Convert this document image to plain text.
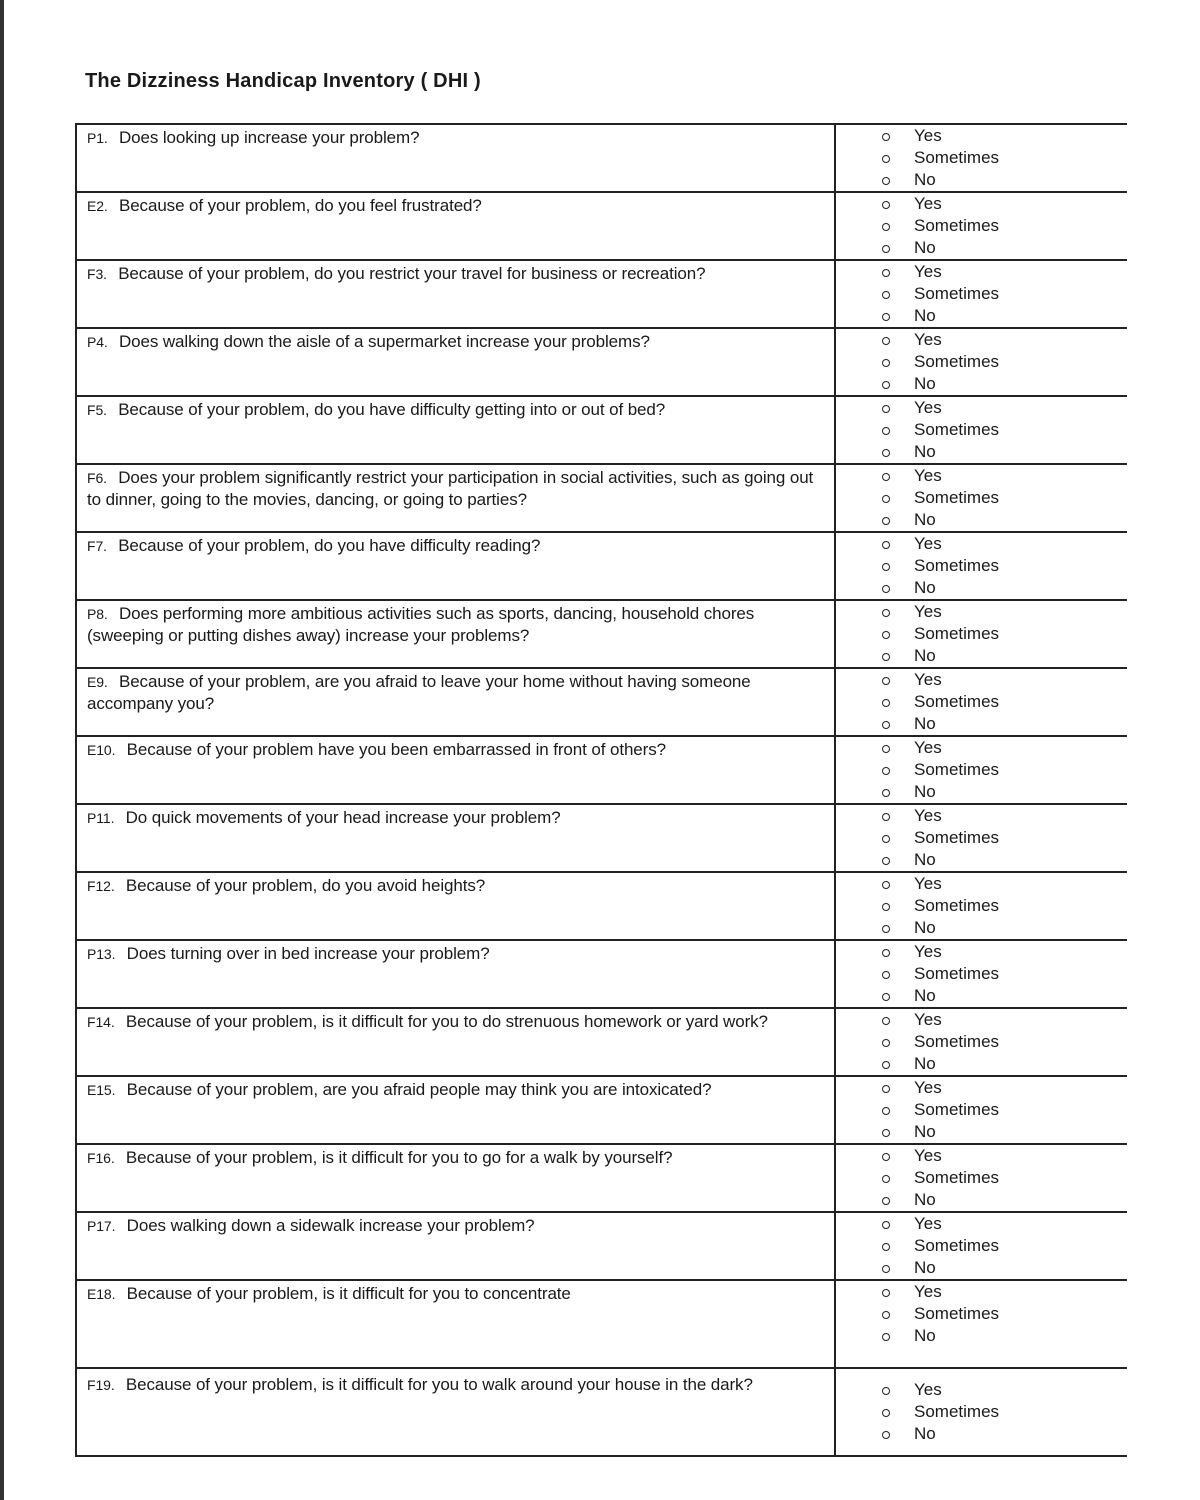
The Dizziness Handicap Inventory ( DHI )
P1. Does looking up increase your problem?	Yes
Sometimes
No

E2. Because of your problem, do you feel frustrated?	Yes
Sometimes
No

F3. Because of your problem, do you restrict your travel for business or recreation?	Yes
Sometimes
No

P4. Does walking down the aisle of a supermarket increase your problems?	Yes
Sometimes
No

F5. Because of your problem, do you have difficulty getting into or out of bed?	Yes
Sometimes
No

F6. Does your problem significantly restrict your participation in social activities, such as going out to dinner, going to the movies, dancing, or going to parties?	Yes
Sometimes
No

F7. Because of your problem, do you have difficulty reading?	Yes
Sometimes
No

P8. Does performing more ambitious activities such as sports, dancing, household chores (sweeping or putting dishes away) increase your problems?	Yes
Sometimes
No

E9. Because of your problem, are you afraid to leave your home without having someone accompany you?	Yes
Sometimes
No

E10. Because of your problem have you been embarrassed in front of others?	Yes
Sometimes
No

P11. Do quick movements of your head increase your problem?	Yes
Sometimes
No

F12. Because of your problem, do you avoid heights?	Yes
Sometimes
No

P13. Does turning over in bed increase your problem?	Yes
Sometimes
No

F14. Because of your problem, is it difficult for you to do strenuous homework or yard work?	Yes
Sometimes
No

E15. Because of your problem, are you afraid people may think you are intoxicated?	Yes
Sometimes
No

F16. Because of your problem, is it difficult for you to go for a walk by yourself?	Yes
Sometimes
No

P17. Does walking down a sidewalk increase your problem?	Yes
Sometimes
No

E18. Because of your problem, is it difficult for you to concentrate	Yes
Sometimes
No

F19. Because of your problem, is it difficult for you to walk around your house in the dark?	Yes
Sometimes
No
